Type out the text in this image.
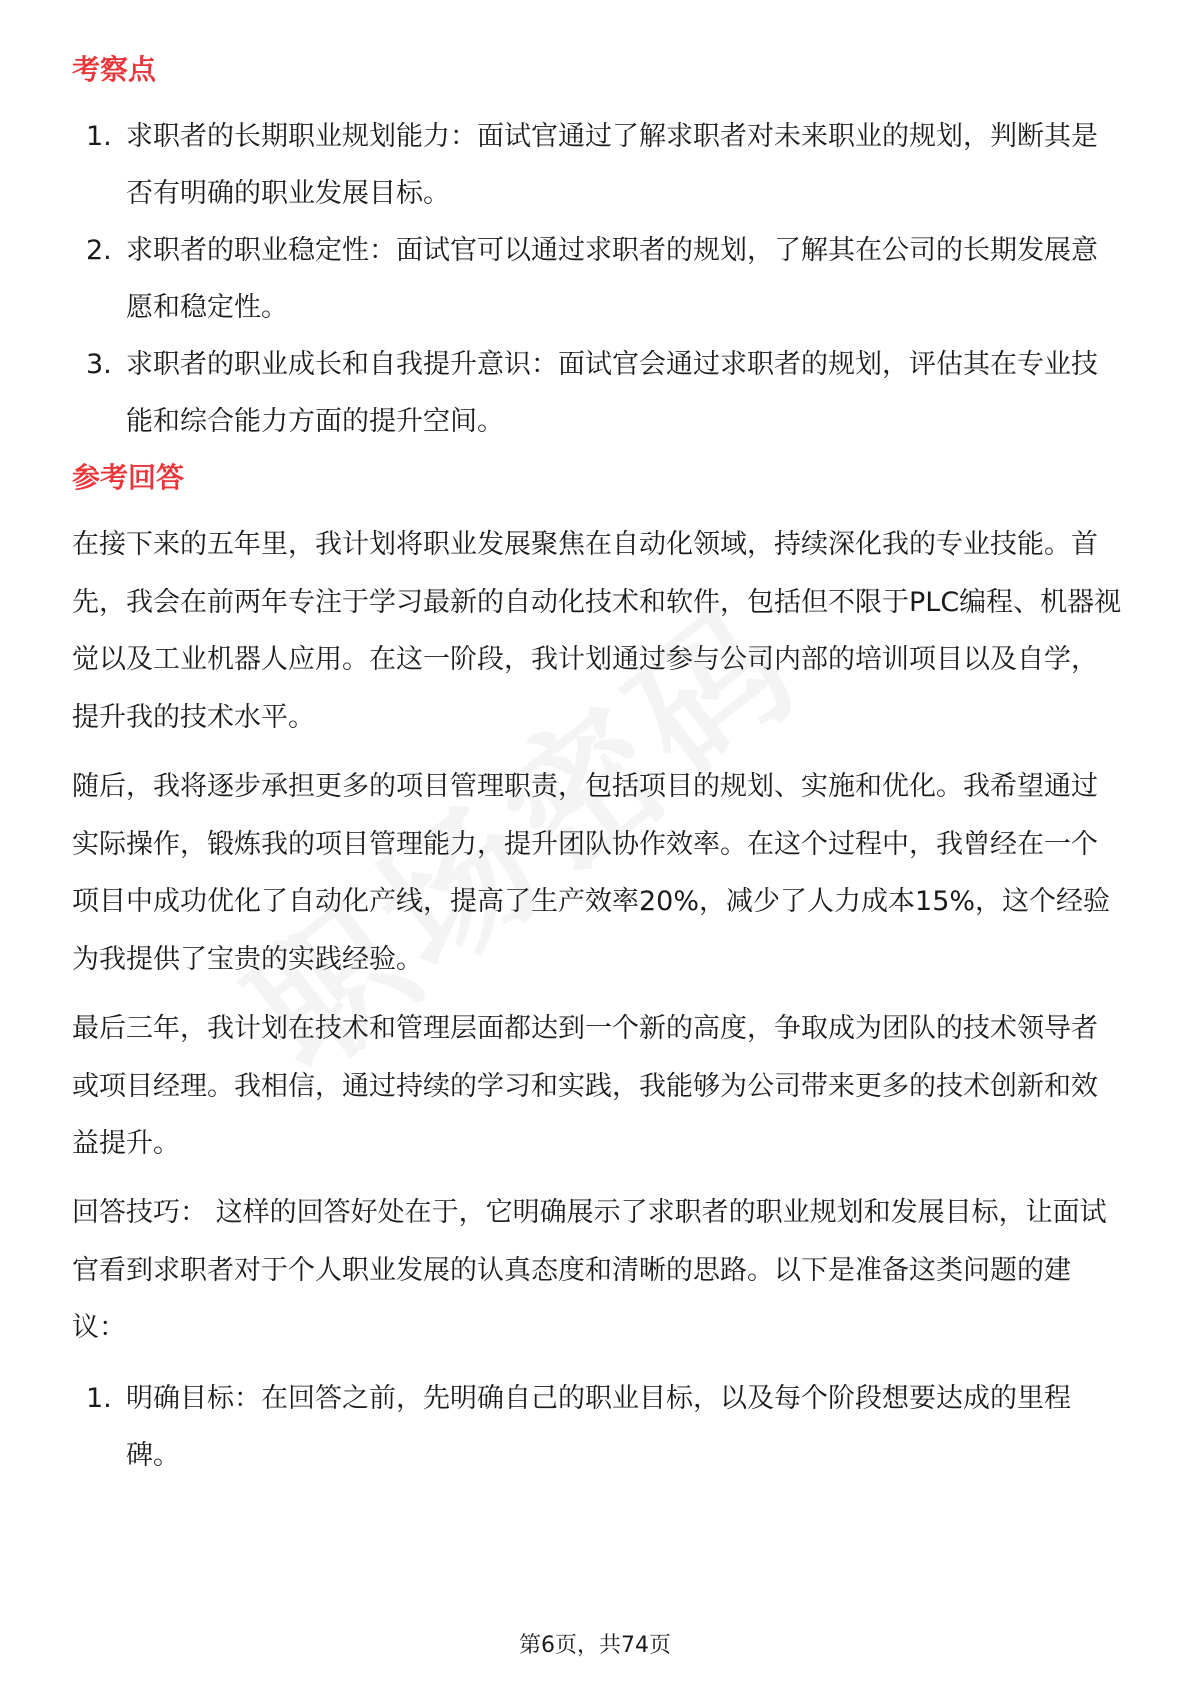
考察点
1. 求职者的长期职业规划能力：面试官通过了解求职者对未来职业的规划，判断其是否有明确的职业发展目标。
2. 求职者的职业稳定性：面试官可以通过求职者的规划，了解其在公司的长期发展意愿和稳定性。
3. 求职者的职业成长和自我提升意识：面试官会通过求职者的规划，评估其在专业技能和综合能力方面的提升空间。
参考回答

在接下来的五年里，我计划将职业发展聚焦在自动化领域，持续深化我的专业技能。首先，我会在前两年专注于学习最新的自动化技术和软件，包括但不限于PLC编程、机器视觉以及工业机器人应用。在这一阶段，我计划通过参与公司内部的培训项目以及自学，提升我的技术水平。

随后，我将逐步承担更多的项目管理职责，包括项目的规划、实施和优化。我希望通过实际操作，锻炼我的项目管理能力，提升团队协作效率。在这个过程中，我曾经在一个项目中成功优化了自动化产线，提高了生产效率20%，减少了人力成本15%，这个经验为我提供了宝贵的实践经验。

最后三年，我计划在技术和管理层面都达到一个新的高度，争取成为团队的技术领导者或项目经理。我相信，通过持续的学习和实践，我能够为公司带来更多的技术创新和效益提升。

回答技巧： 这样的回答好处在于，它明确展示了求职者的职业规划和发展目标，让面试官看到求职者对于个人职业发展的认真态度和清晰的思路。以下是准备这类问题的建议：

1. 明确目标：在回答之前，先明确自己的职业目标，以及每个阶段想要达成的里程碑。
第6页，共74页
